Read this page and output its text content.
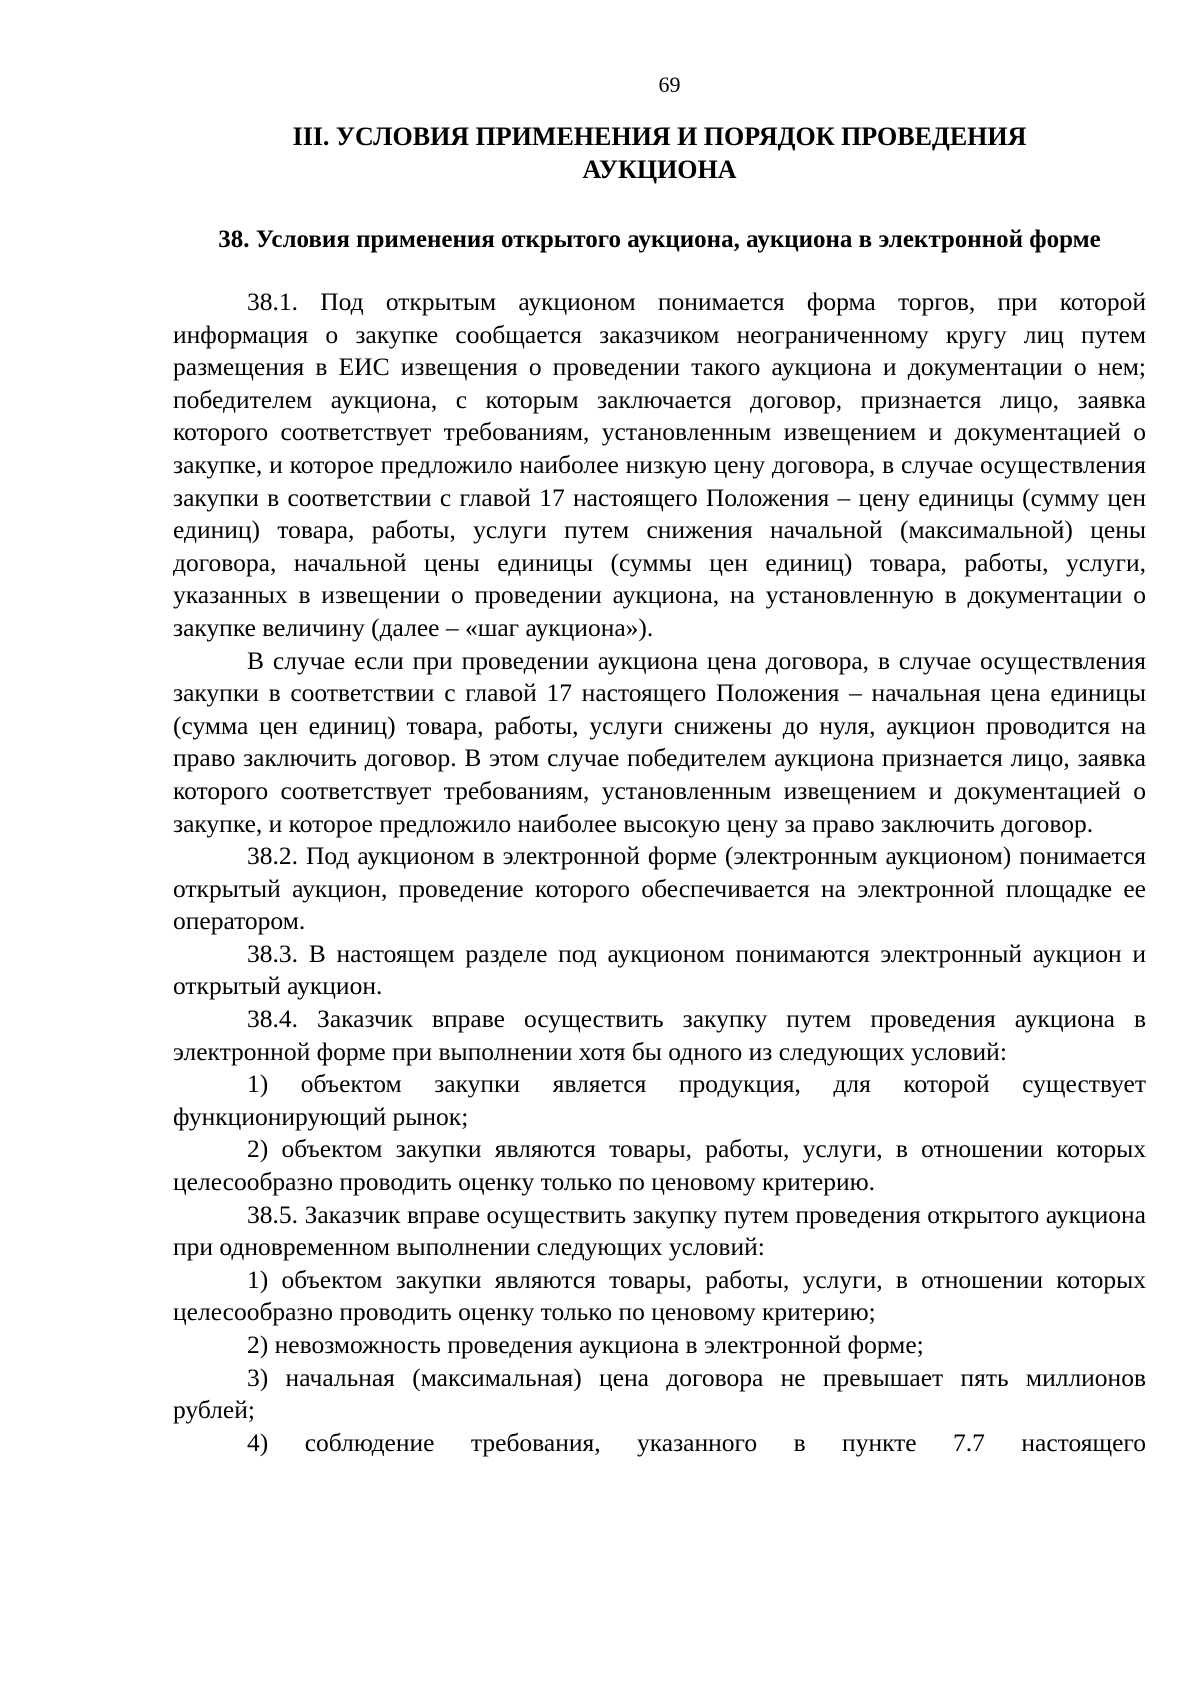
69
III. УСЛОВИЯ ПРИМЕНЕНИЯ И ПОРЯДОК ПРОВЕДЕНИЯ АУКЦИОНА
38. Условия применения открытого аукциона, аукциона в электронной форме

38.1. Под открытым аукционом понимается форма торгов, при которой информация о закупке сообщается заказчиком неограниченному кругу лиц путем размещения в ЕИС извещения о проведении такого аукциона и документации о нем; победителем аукциона, с которым заключается договор, признается лицо, заявка которого соответствует требованиям, установленным извещением и документацией о закупке, и которое предложило наиболее низкую цену договора, в случае осуществления закупки в соответствии с главой 17 настоящего Положения – цену единицы (сумму цен единиц) товара, работы, услуги путем снижения начальной (максимальной) цены договора, начальной цены единицы (суммы цен единиц) товара, работы, услуги, указанных в извещении о проведении аукциона, на установленную в документации о закупке величину (далее – «шаг аукциона»).

В случае если при проведении аукциона цена договора, в случае осуществления закупки в соответствии с главой 17 настоящего Положения – начальная цена единицы (сумма цен единиц) товара, работы, услуги снижены до нуля, аукцион проводится на право заключить договор. В этом случае победителем аукциона признается лицо, заявка которого соответствует требованиям, установленным извещением и документацией о закупке, и которое предложило наиболее высокую цену за право заключить договор.

38.2. Под аукционом в электронной форме (электронным аукционом) понимается открытый аукцион, проведение которого обеспечивается на электронной площадке ее оператором.

38.3. В настоящем разделе под аукционом понимаются электронный аукцион и открытый аукцион.

38.4. Заказчик вправе осуществить закупку путем проведения аукциона в электронной форме при выполнении хотя бы одного из следующих условий:

1) объектом закупки является продукция, для которой существует функционирующий рынок;

2) объектом закупки являются товары, работы, услуги, в отношении которых целесообразно проводить оценку только по ценовому критерию.

38.5. Заказчик вправе осуществить закупку путем проведения открытого аукциона при одновременном выполнении следующих условий:

1) объектом закупки являются товары, работы, услуги, в отношении которых целесообразно проводить оценку только по ценовому критерию;

2) невозможность проведения аукциона в электронной форме;

3) начальная (максимальная) цена договора не превышает пять миллионов рублей;

4) соблюдение требования, указанного в пункте 7.7 настоящего
